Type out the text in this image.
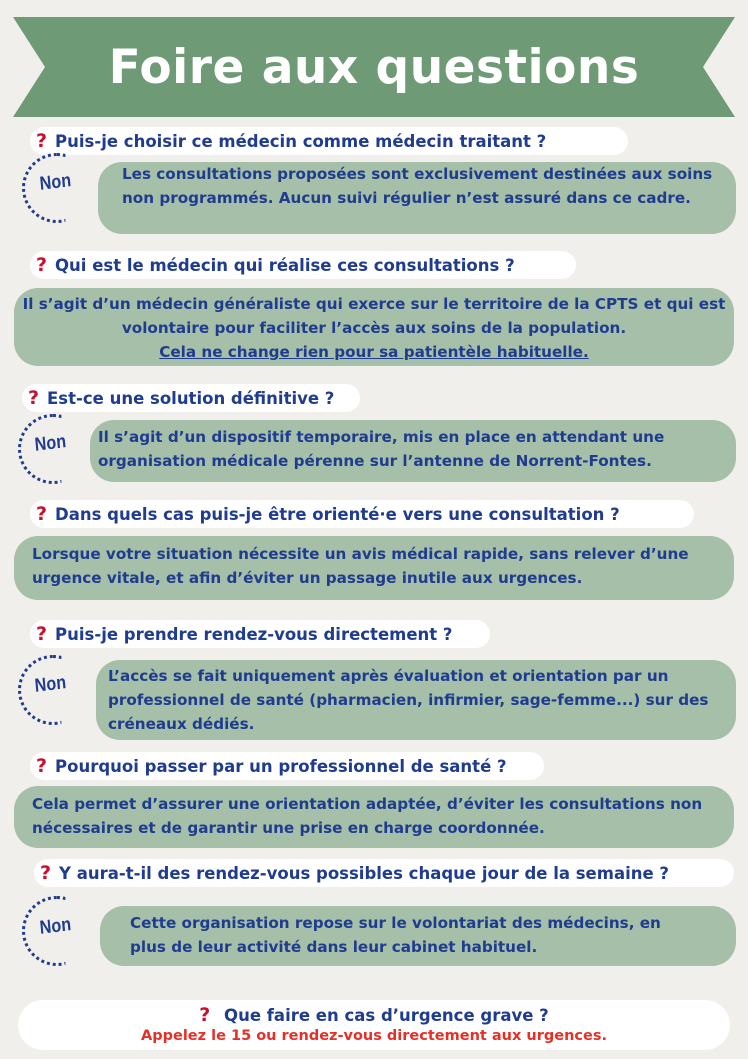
Foire aux questions
? Puis-je choisir ce médecin comme médecin traitant ?
Non	Les consultations proposées sont exclusivement destinées aux soins non programmés. Aucun suivi régulier n’est assuré dans ce cadre.
? Qui est le médecin qui réalise ces consultations ?
Il s’agit d’un médecin généraliste qui exerce sur le territoire de la CPTS et qui est volontaire pour faciliter l’accès aux soins de la population.
Cela ne change rien pour sa patientèle habituelle.
? Est-ce une solution définitive ?
Non	Il s’agit d’un dispositif temporaire, mis en place en attendant une organisation médicale pérenne sur l’antenne de Norrent-Fontes.
? Dans quels cas puis-je être orienté·e vers une consultation ?
Lorsque votre situation nécessite un avis médical rapide, sans relever d’une urgence vitale, et afin d’éviter un passage inutile aux urgences.
? Puis-je prendre rendez-vous directement ?
Non	L’accès se fait uniquement après évaluation et orientation par un professionnel de santé (pharmacien, infirmier, sage-femme...) sur des créneaux dédiés.
? Pourquoi passer par un professionnel de santé ?
Cela permet d’assurer une orientation adaptée, d’éviter les consultations non nécessaires et de garantir une prise en charge coordonnée.
? Y aura-t-il des rendez-vous possibles chaque jour de la semaine ?
Non	Cette organisation repose sur le volontariat des médecins, en plus de leur activité dans leur cabinet habituel.
? Que faire en cas d’urgence grave ?
Appelez le 15 ou rendez-vous directement aux urgences.
